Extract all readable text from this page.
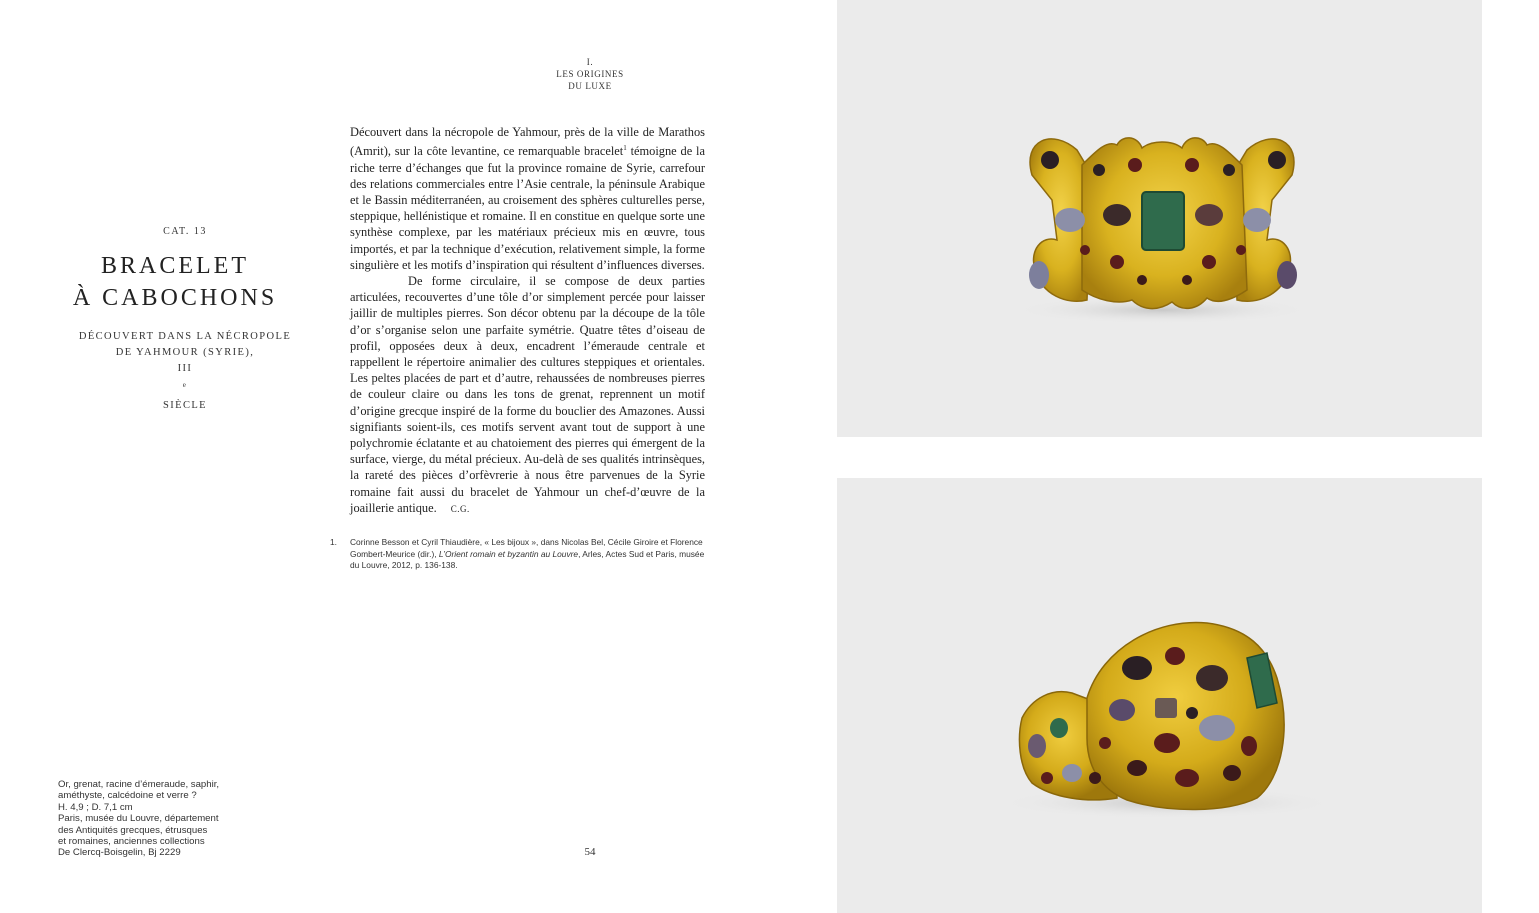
I.
LES ORIGINES
DU LUXE
CAT. 13
BRACELET
À CABOCHONS
DÉCOUVERT DANS LA NÉCROPOLE
DE YAHMOUR (SYRIE),
III
$^e$
SIÈCLE

Découvert dans la nécropole de Yahmour, près de la ville de Marathos (Amrit), sur la côte levantine, ce remarquable bracelet$^1$ témoigne de la riche terre d’échanges que fut la province romaine de Syrie, carrefour des relations commerciales entre l’Asie centrale, la péninsule Arabique et le Bassin méditerranéen, au croisement des sphères culturelles perse, steppique, hellénistique et romaine. Il en constitue en quelque sorte une synthèse complexe, par les matériaux précieux mis en œuvre, tous importés, et par la technique d’exécution, relativement simple, la forme singulière et les motifs d’inspiration qui résultent d’influences diverses.

De forme circulaire, il se compose de deux parties articulées, recouvertes d’une tôle d’or simplement percée pour laisser jaillir de multiples pierres. Son décor obtenu par la découpe de la tôle d’or s’organise selon une parfaite symétrie. Quatre têtes d’oiseau de profil, opposées deux à deux, encadrent l’émeraude centrale et rappellent le répertoire animalier des cultures steppiques et orientales. Les peltes placées de part et d’autre, rehaussées de nombreuses pierres de couleur claire ou dans les tons de grenat, reprennent un motif d’origine grecque inspiré de la forme du bouclier des Amazones. Aussi signifiants soient-ils, ces motifs servent avant tout de support à une polychromie éclatante et au chatoiement des pierres qui émergent de la surface, vierge, du métal précieux. Au-delà de ses qualités intrinsèques, la rareté des pièces d’orfèvrerie à nous être parvenues de la Syrie romaine fait aussi du bracelet de Yahmour un chef-d’œuvre de la joaillerie antique. C.G.

1. Corinne Besson et Cyril Thiaudière, « Les bijoux », dans Nicolas Bel, Cécile Giroire et Florence Gombert-Meurice (dir.), L’Orient romain et byzantin au Louvre, Arles, Actes Sud et Paris, musée du Louvre, 2012, p. 136-138.
Or, grenat, racine d’émeraude, saphir,
améthyste, calcédoine et verre ?
H. 4,9 ; D. 7,1 cm
Paris, musée du Louvre, département
des Antiquités grecques, étrusques
et romaines, anciennes collections
De Clercq-Boisgelin, Bj 2229	54
